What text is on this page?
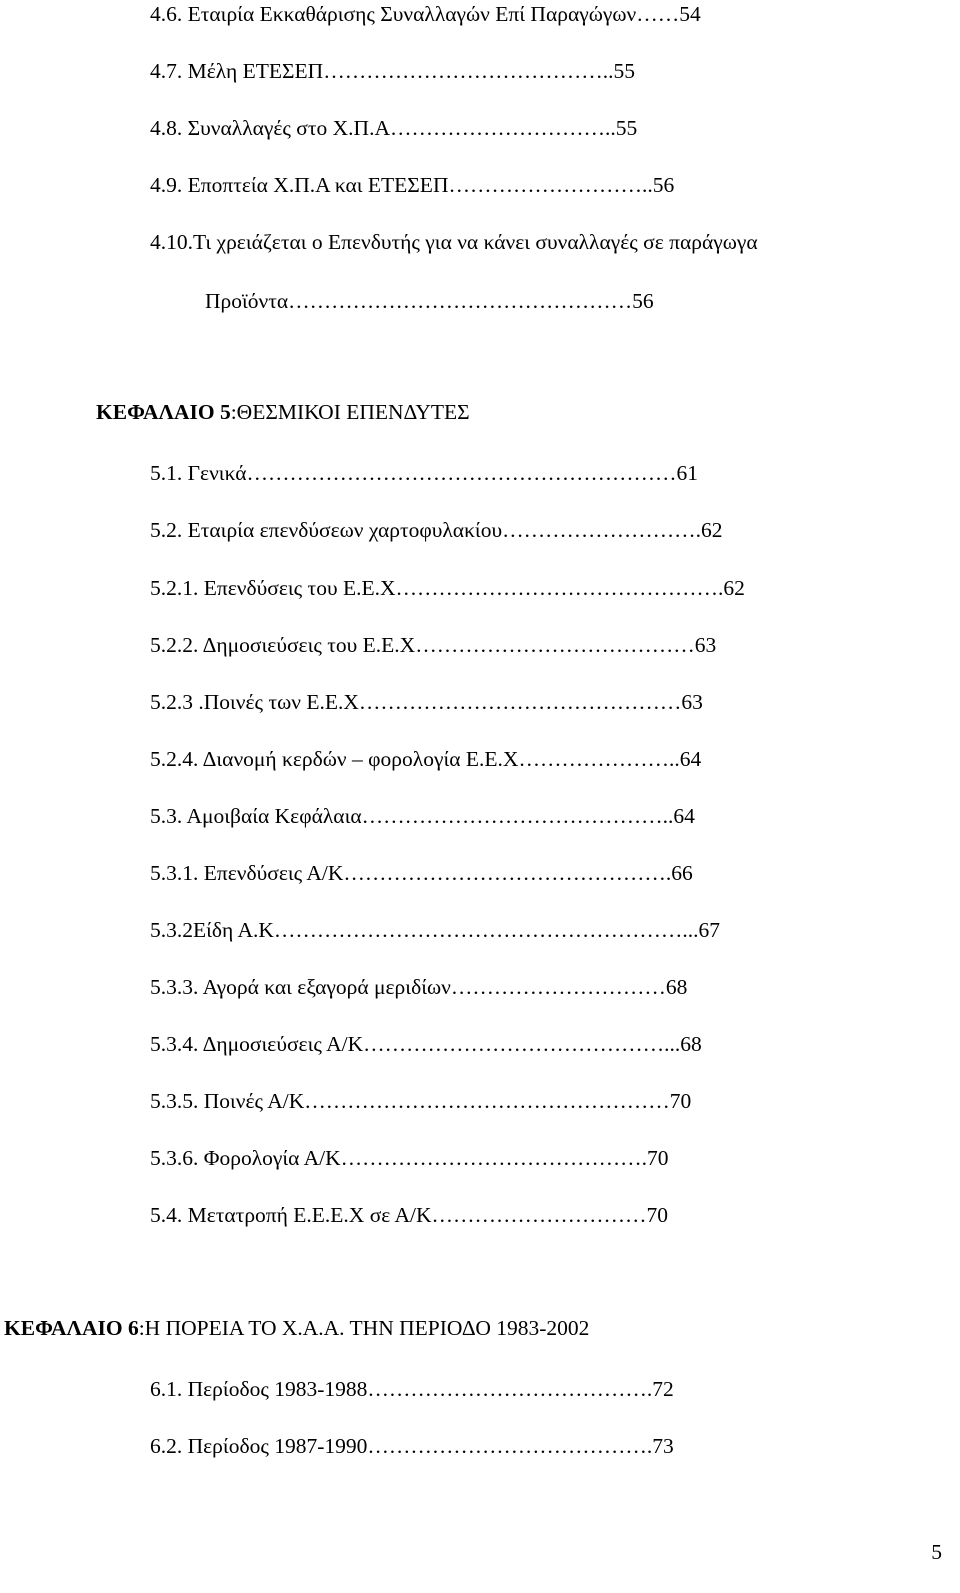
4.6. Εταιρία Εκκαθάρισης Συναλλαγών Επί Παραγώγων……54
4.7. Μέλη ΕΤΕΣΕΠ…………………………………..55
4.8. Συναλλαγές στο Χ.Π.Α…………………………..55
4.9. Εποπτεία Χ.Π.Α και ΕΤΕΣΕΠ………………………..56
4.10.Τι χρειάζεται ο Επενδυτής για να κάνει συναλλαγές σε παράγωγα
Προϊόντα…………………………………………56
ΚΕΦΑΛΑΙΟ 5:ΘΕΣΜΙΚΟΙ ΕΠΕΝΔΥΤΕΣ
5.1. Γενικά……………………………………………………61
5.2. Εταιρία επενδύσεων χαρτοφυλακίου……………………….62
5.2.1. Επενδύσεις του Ε.Ε.Χ……………………………………….62
5.2.2. Δημοσιεύσεις του Ε.Ε.Χ…………………………………63
5.2.3 .Ποινές των Ε.Ε.Χ………………………………………63
5.2.4. Διανομή κερδών – φορολογία Ε.Ε.Χ…………………..64
5.3. Αμοιβαία Κεφάλαια……………………………………..64
5.3.1. Επενδύσεις Α/Κ……………………………………….66
5.3.2Είδη Α.Κ…………………………………………………...67
5.3.3. Αγορά και εξαγορά μεριδίων…………………………68
5.3.4. Δημοσιεύσεις Α/Κ……………………………………...68
5.3.5. Ποινές Α/Κ……………………………………………70
5.3.6. Φορολογία Α/Κ…………………………………….70
5.4. Μετατροπή Ε.Ε.Ε.Χ σε Α/Κ…………………………70
ΚΕΦΑΛΑΙΟ 6:Η ΠΟΡΕΙΑ ΤΟ Χ.Α.Α. ΤΗΝ ΠΕΡΙΟΔΟ 1983-2002
6.1. Περίοδος 1983-1988………………………………….72
6.2. Περίοδος 1987-1990………………………………….73
5
